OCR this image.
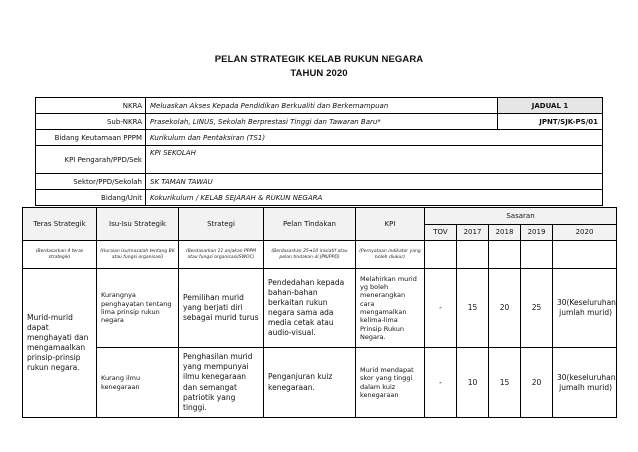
PELAN STRATEGIK KELAB RUKUN NEGARA
TAHUN 2020
NKRA	Meluaskan Akses Kepada Pendidikan Berkualiti dan Berkemampuan	JADUAL 1
Sub-NKRA	Prasekolah, LINUS, Sekolah Berprestasi Tinggi dan Tawaran Baru*	JPNT/SJK-PS/01
Bidang Keutamaan PPPM	Kurikulum dan Pentaksiran (TS1)	
KPI Pengarah/PPD/Sek	KPI SEKOLAH	
Sektor/PPD/Sekolah	SK TAMAN TAWAU	
Bidang/Unit	Kokurikulum / KELAB SEJARAH & RUKUN NEGARA	
Teras Strategik	Isu-Isu Strategik	Strategi	Pelan Tindakan	KPI	Sasaran				
					TOV	2017	2018	2019	2020
(Berdasarkan 4 teras strategik)	(Huraian isu/masalah tentang BK atau fungsi organisasi)	(Berdasarkan 11 anjakan PPPM atau fungsi organisasi/SWOC)	(Berdasarkan 25➔10 inisiatif atau pelan tindakan di JPN/PPD)	(Pernyataan indikator yang boleh diukur)					
Murid-murid dapat menghayati dan mengamaalkan prinsip-prinsip rukun negara.	Kurangnya penghayatan tentang lima prinsip rukun negara	Pemilihan murid yang berjati diri sebagai murid turus	Pendedahan kepada bahan-bahan berkaitan rukun negara sama ada media cetak atau audio-visual.	Melahirkan murid yg boleh menerangkan cara mengamalkan kelima-lima Prinsip Rukun Negara.	-	15	20	25	30(Keseluruhan jumlah murid)
	Kurang ilmu kenegaraan	Penghasilan murid yang mempunyai ilmu kenegaraan dan semangat patriotik yang tinggi.	Penganjuran kuiz kenegaraan.	Murid mendapat skor yang tinggi dalam kuiz kenegaraan	-	10	15	20	30(keseluruhan jumalh murid)
